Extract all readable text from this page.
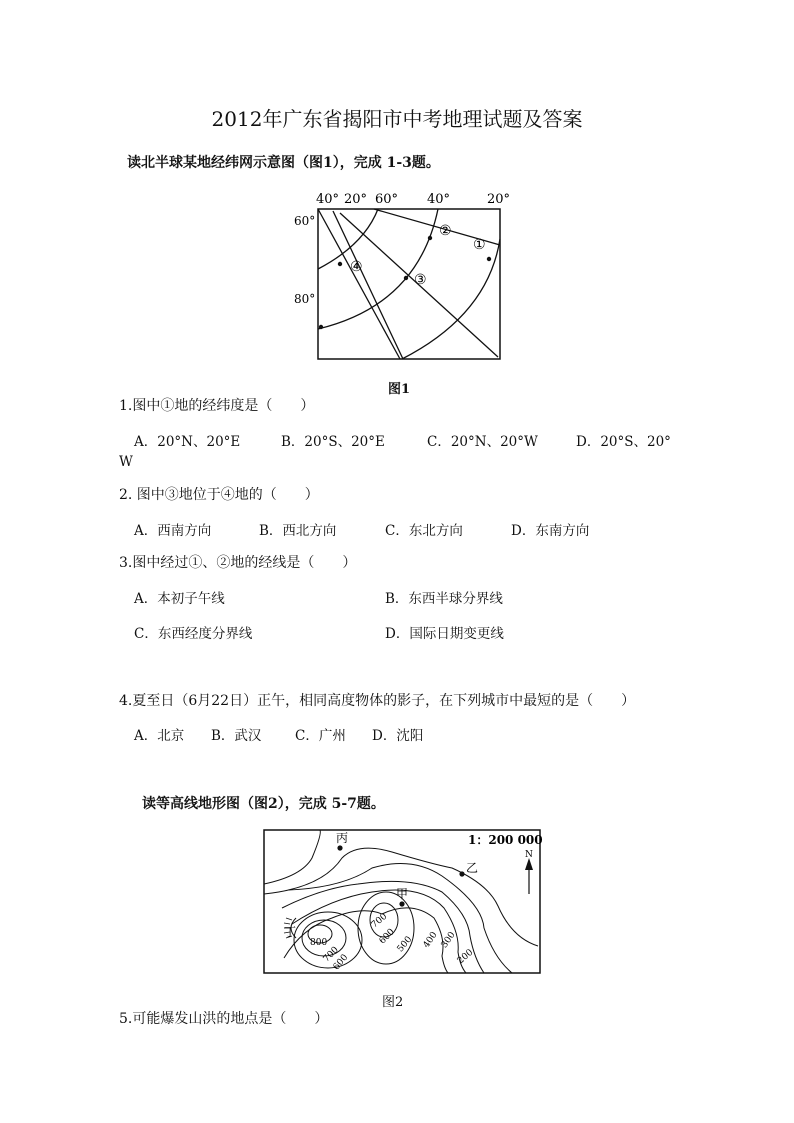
2012年广东省揭阳市中考地理试题及答案
读北半球某地经纬网示意图（图1），完成 1-3题。
40° 20° 60° 40°	20°
60°
80°
②
①
④
③
图1
1.图中①地的经纬度是（　　）
A．20°N、20°E	B．20°S、20°E	C．20°N、20°W	D．20°S、20°
W
2. 图中③地位于④地的（　　）
A．西南方向	B．西北方向	C．东北方向	D．东南方向
3.图中经过①、②地的经线是（　　）
A．本初子午线	B．东西半球分界线
C．东西经度分界线	D．国际日期变更线
4.夏至日（6月22日）正午，相同高度物体的影子，在下列城市中最短的是（　　）
A．北京 B．武汉 C．广州 D．沈阳
读等高线地形图（图2），完成 5-7题。
1：200 000
N
丙
乙
甲
丁
800
700
600
700
600
500 400 300
200
图2
5.可能爆发山洪的地点是（　　）
